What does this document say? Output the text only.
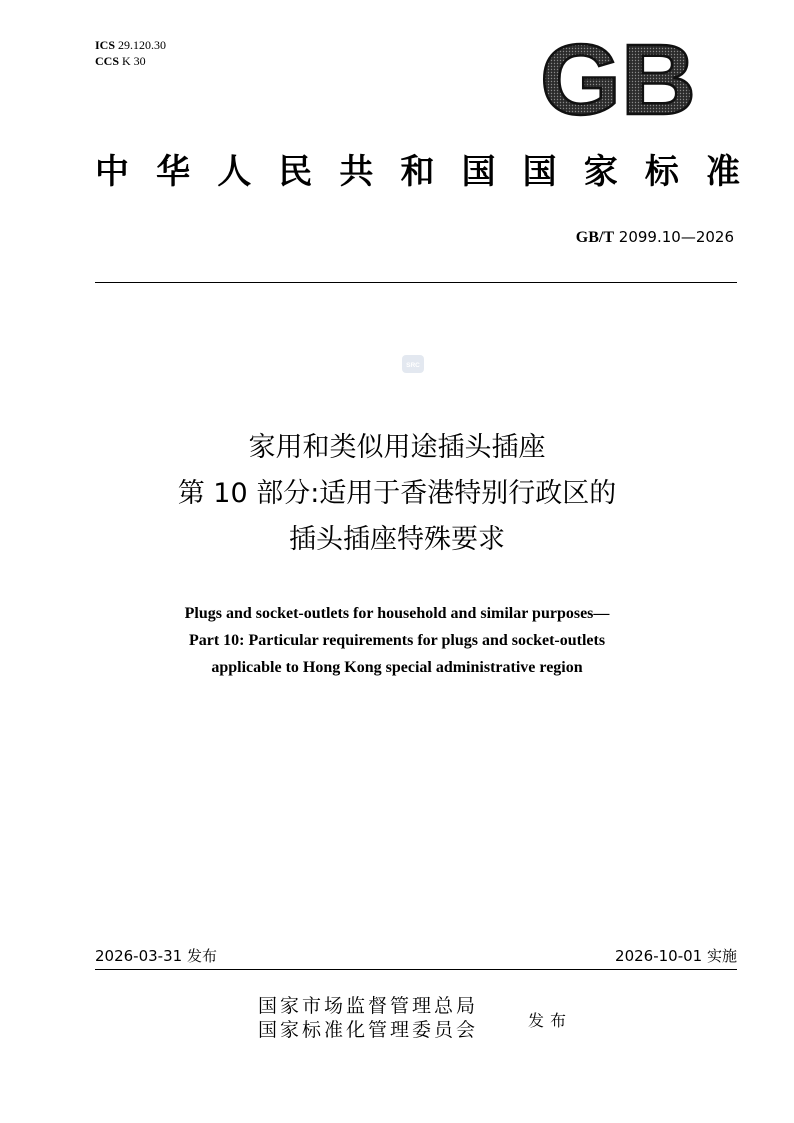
ICS 29.120.30
CCS K 30	GB
中 华 人 民 共 和 国 国 家 标 准
GB/T 2099.10—2026
SRC
家用和类似用途插头插座
第 10 部分:适用于香港特别行政区的
插头插座特殊要求
Plugs and socket-outlets for household and similar purposes—
Part 10: Particular requirements for plugs and socket-outlets
applicable to Hong Kong special administrative region
2026-03-31 发布	2026-10-01 实施
国家市场监督管理总局
国家标准化管理委员会	发布
